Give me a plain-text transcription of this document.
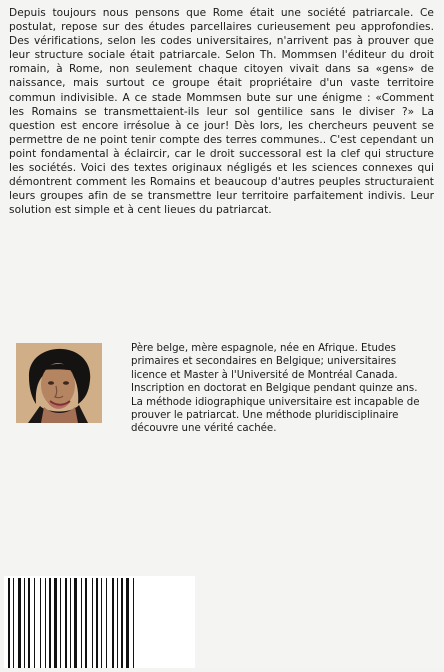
Depuis toujours nous pensons que Rome était une société patriarcale. Ce postulat, repose sur des études parcellaires curieusement peu approfondies. Des vérifications, selon les codes universitaires, n'arrivent pas à prouver que leur structure sociale était patriarcale. Selon Th. Mommsen l'éditeur du droit romain, à Rome, non seulement chaque citoyen vivait dans sa «gens» de naissance, mais surtout ce groupe était propriétaire d'un vaste territoire commun indivisible. A ce stade Mommsen bute sur une énigme : «Comment les Romains se transmettaient-ils leur sol gentilice sans le diviser ?» La question est encore irrésolue à ce jour! Dès lors, les chercheurs peuvent se permettre de ne point tenir compte des terres communes.. C'est cependant un point fondamental à éclaircir, car le droit successoral est la clef qui structure les sociétés. Voici des textes originaux négligés et les sciences connexes qui démontrent comment les Romains et beaucoup d'autres peuples structuraient leurs groupes afin de se transmettre leur territoire parfaitement indivis. Leur solution est simple et à cent lieues du patriarcat.

Père belge, mère espagnole, née en Afrique. Etudes primaires et secondaires en Belgique; universitaires licence et Master à l'Université de Montréal Canada. Inscription en doctorat en Belgique pendant quinze ans. La méthode idiographique universitaire est incapable de prouver le patriarcat. Une méthode pluridisciplinaire découvre une vérité cachée.
